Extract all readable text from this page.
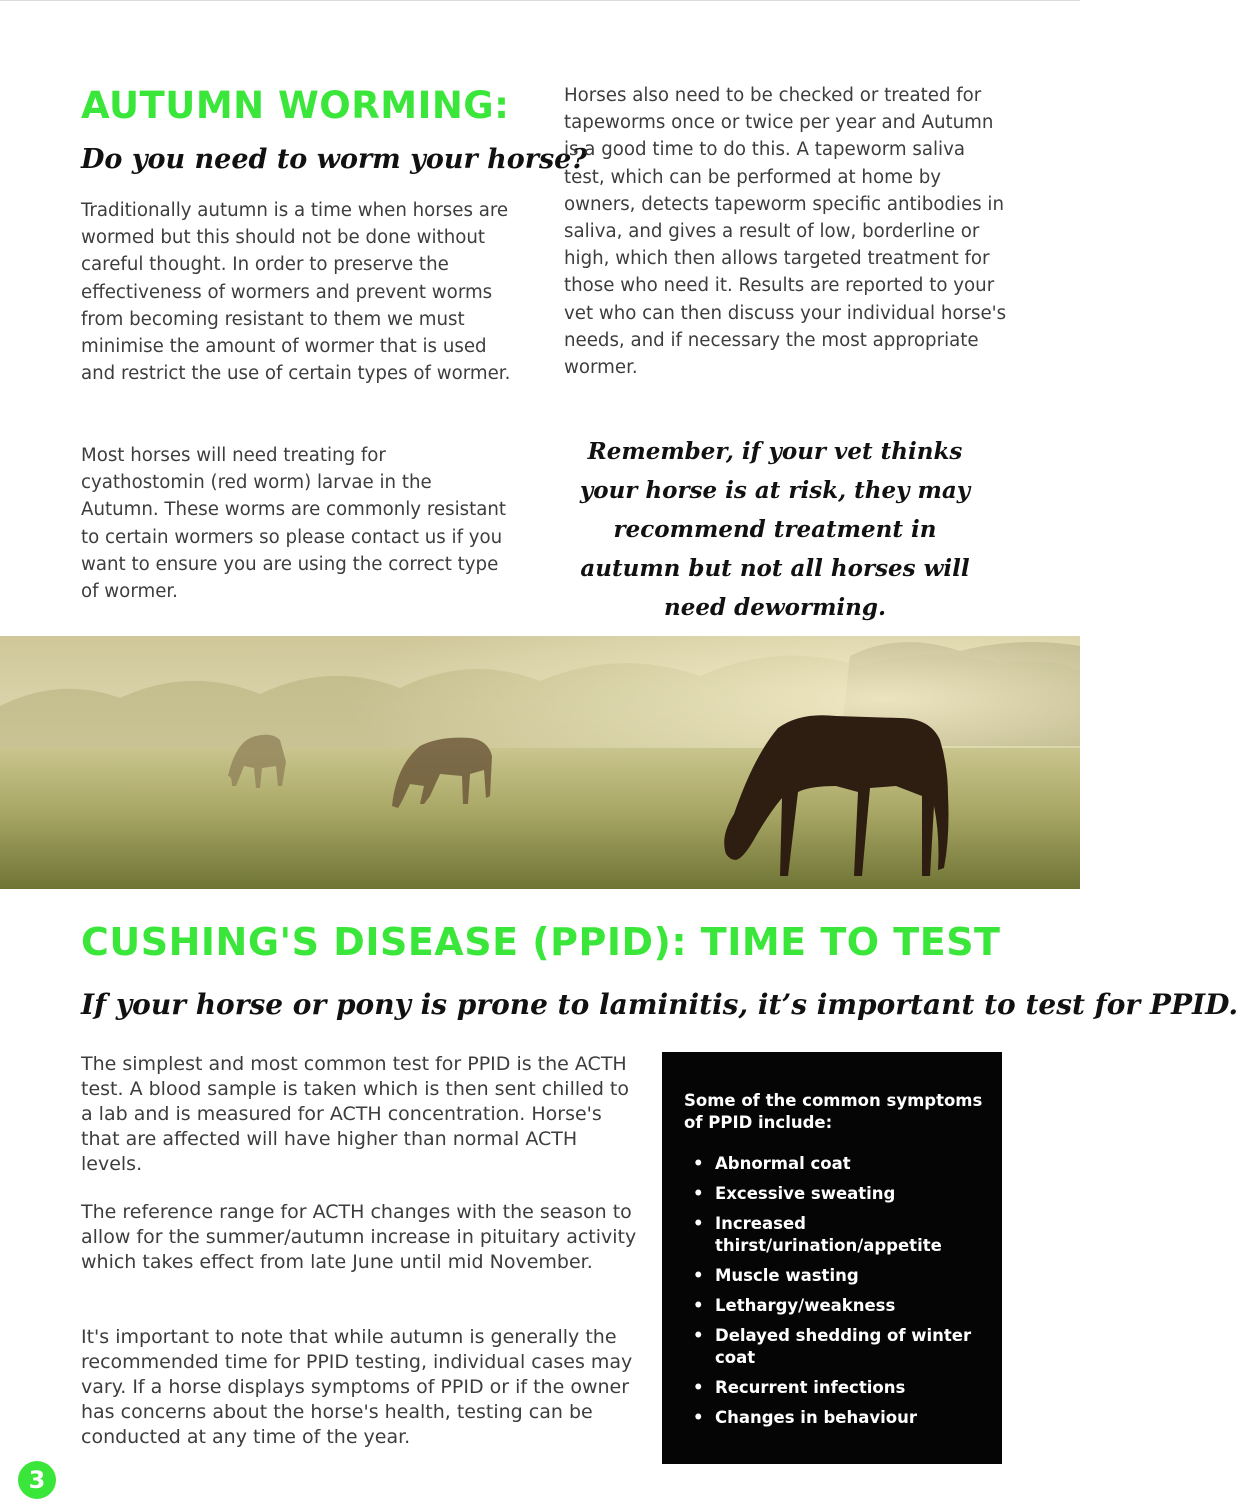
AUTUMN WORMING:
Do you need to worm your horse?

Traditionally autumn is a time when horses are wormed but this should not be done without careful thought. In order to preserve the effectiveness of wormers and prevent worms from becoming resistant to them we must minimise the amount of wormer that is used and restrict the use of certain types of wormer.

Most horses will need treating for cyathostomin (red worm) larvae in the Autumn. These worms are commonly resistant to certain wormers so please contact us if you want to ensure you are using the correct type of wormer.

Horses also need to be checked or treated for tapeworms once or twice per year and Autumn is a good time to do this. A tapeworm saliva test, which can be performed at home by owners, detects tapeworm specific antibodies in saliva, and gives a result of low, borderline or high, which then allows targeted treatment for those who need it. Results are reported to your vet who can then discuss your individual horse's needs, and if necessary the most appropriate wormer.

Remember, if your vet thinks your horse is at risk, they may recommend treatment in autumn but not all horses will need deworming.

CUSHING'S DISEASE (PPID): TIME TO TEST
If your horse or pony is prone to laminitis, it’s important to test for PPID.

The simplest and most common test for PPID is the ACTH test. A blood sample is taken which is then sent chilled to a lab and is measured for ACTH concentration. Horse's that are affected will have higher than normal ACTH levels.

The reference range for ACTH changes with the season to allow for the summer/autumn increase in pituitary activity which takes effect from late June until mid November.

It's important to note that while autumn is generally the recommended time for PPID testing, individual cases may vary. If a horse displays symptoms of PPID or if the owner has concerns about the horse's health, testing can be conducted at any time of the year.

Some of the common symptoms of PPID include:

• Abnormal coat
• Excessive sweating
• Increased thirst/urination/appetite
• Muscle wasting
• Lethargy/weakness
• Delayed shedding of winter coat
• Recurrent infections
• Changes in behaviour
3
